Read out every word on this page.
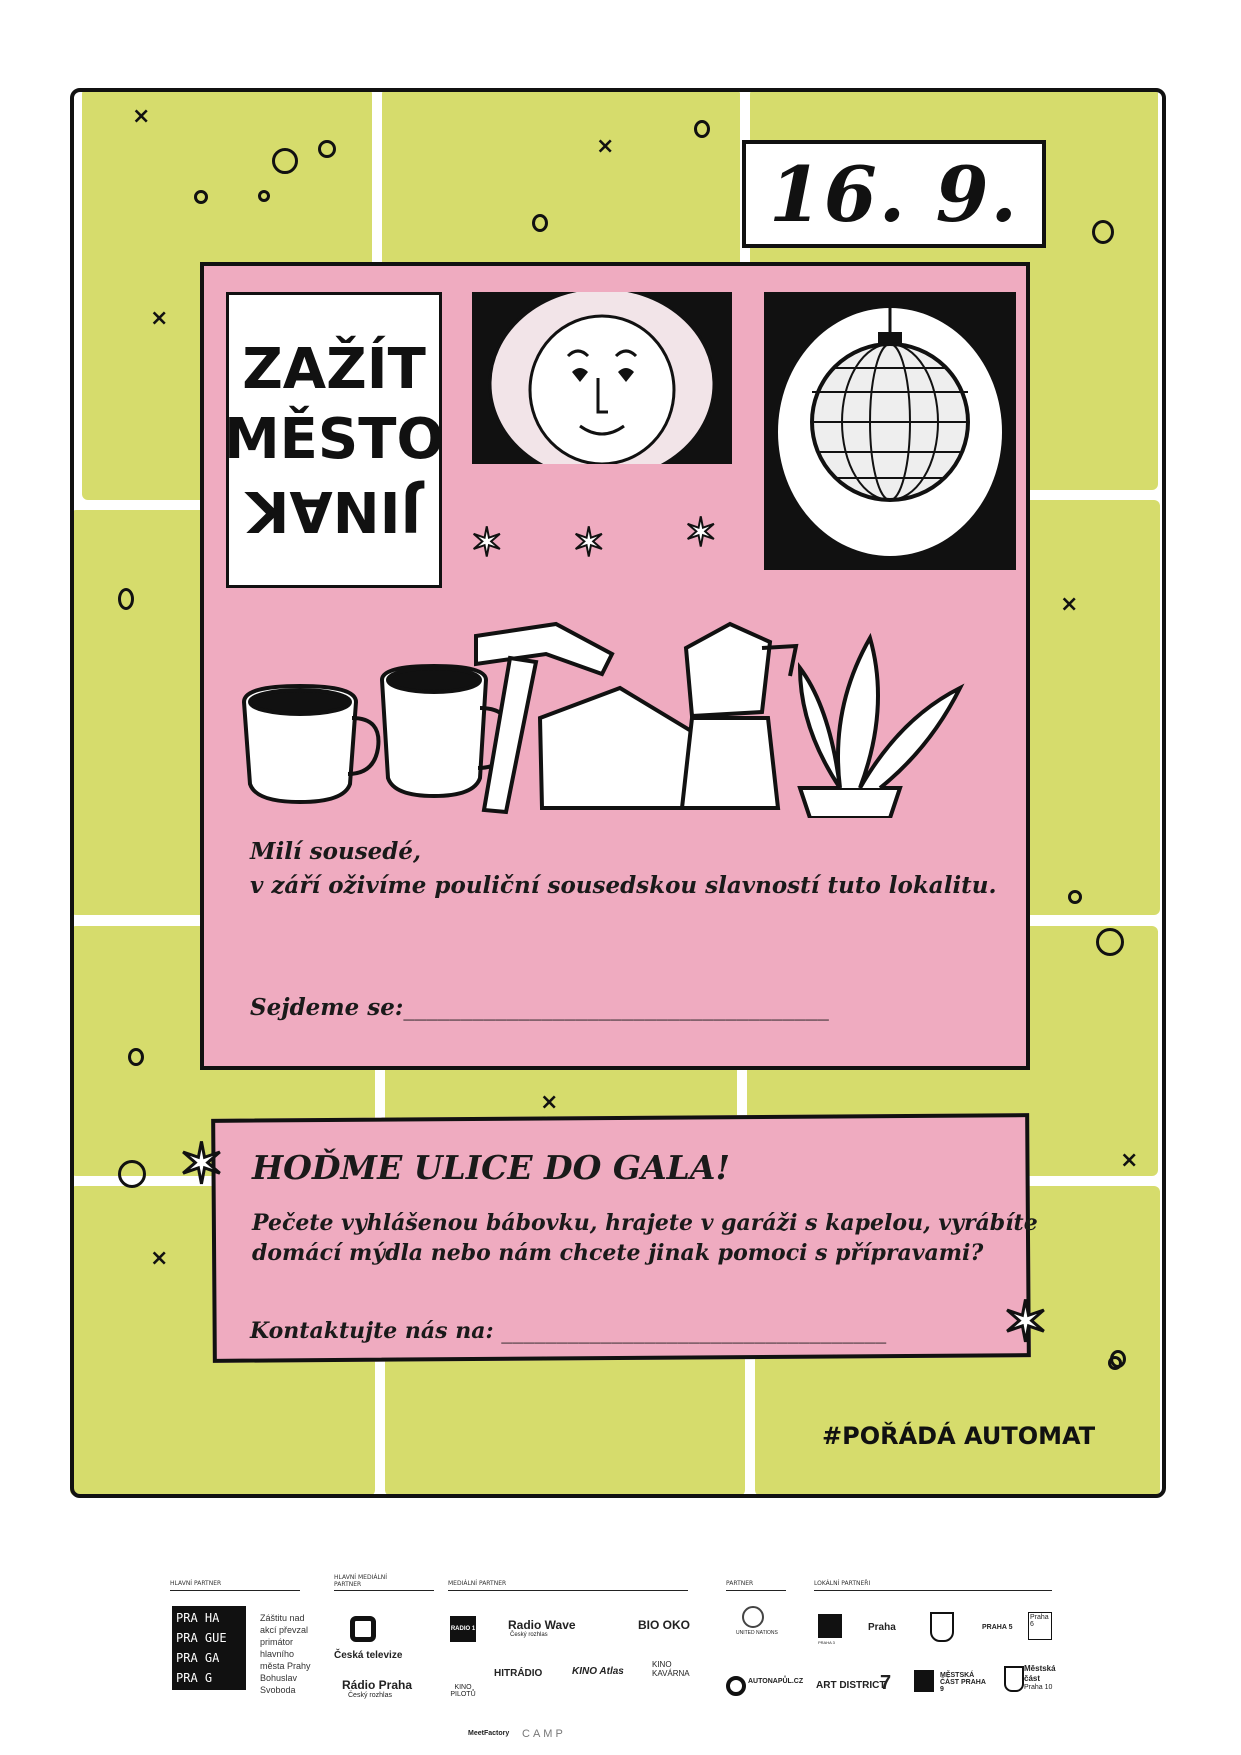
×
×
×
×
×
×
×
16. 9.
ZAŽÍT
MĚSTO
JINAK ✶ ✶ ✶
Milí sousedé,
v září oživíme pouliční sousedskou slavností tuto lokalitu.
Sejdeme se:_____________________________________
✶
✶
HOĎME ULICE DO GALA!
Pečete vyhlášenou bábovku, hrajete v garáži s kapelou, vyrábíte
domácí mýdla nebo nám chcete jinak pomoci s přípravami?
Kontaktujte nás na: ___________________________________
#POŘÁDÁ AUTOMAT
HLAVNÍ PARTNER
HLAVNÍ MEDIÁLNÍ PARTNER	MEDIÁLNÍ PARTNER	PARTNER	LOKÁLNÍ PARTNEŘI
PRA HA
PRA GUE
PRA GA
PRA G
Záštitu nad akcí převzal primátor hlavního města Prahy Bohuslav Svoboda
Česká televize
Rádio Praha
Český rozhlas
RADIO 1	Radio Wave
Český rozhlas
BIO OKO
KINO PILOTŮ
HITRÁDIO	KINO Atlas
KINO KAVÁRNA
MeetFactory CAMP
UNITED NATIONS
AUTONAPŮL.CZ
PRAHA 3
Praha	PRAHA 5
Praha 6
ART DISTRICT
7	MĚSTSKÁ ČÁST PRAHA 9
Městská
část
Praha 10
